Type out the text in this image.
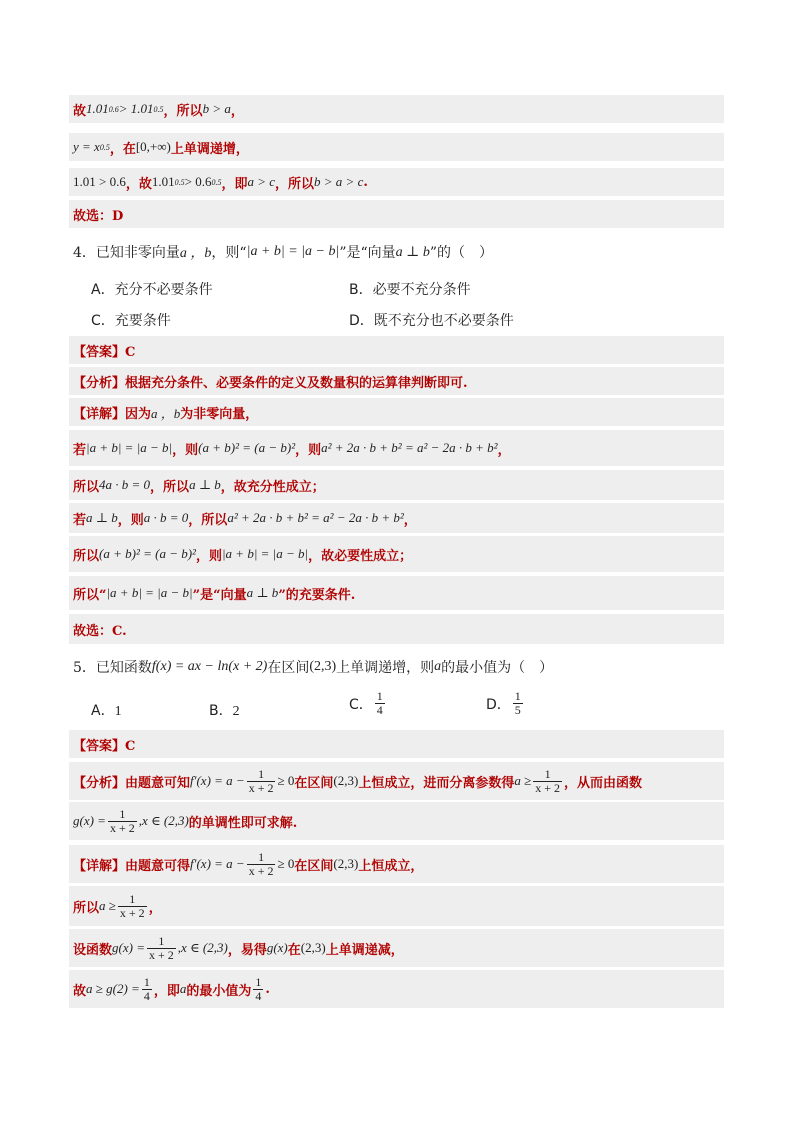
故 1.01 0.6 > 1.01 0.5 ，所以 b > a ，
y = x 0.5 ，在 [0,+∞) 上单调递增，
1.01 > 0.6 ，故 1.01 0.5 > 0.6 0.5 ，即 a > c ，所以 b > a > c .
故选：D
4．已知非零向量 a ，b ，则“ |a + b| = |a − b| ”是“向量 a ⊥ b ”的（　）
A．充分不必要条件	B．必要不充分条件
C．充要条件	D．既不充分也不必要条件
【答案】C
【分析】根据充分条件、必要条件的定义及数量积的运算律判断即可.
【详解】因为 a ，b 为非零向量，
若 |a + b| = |a − b| ，则 (a + b)² = (a − b)² ，则 a² + 2a · b + b² = a² − 2a · b + b² ，
所以 4a · b = 0 ，所以 a ⊥ b ，故充分性成立；
若 a ⊥ b ，则 a · b = 0 ，所以 a² + 2a · b + b² = a² − 2a · b + b² ，
所以 (a + b)² = (a − b)² ，则 |a + b| = |a − b| ，故必要性成立；
所以“ |a + b| = |a − b| ”是“向量 a ⊥ b ”的充要条件.
故选：C.
5．已知函数 f(x) = ax − ln(x + 2) 在区间 (2,3) 上单调递增，则 a 的最小值为（　）
A．1	B．2	C． $\frac{1}{4}$	D． $\frac{1}{5}$
【答案】C
【分析】由题意可知 $f'(x) = a - \frac{1}{x + 2} \ge 0$ 在区间 (2,3) 上恒成立，进而分离参数得 $a \ge \frac{1}{x + 2}$ ，从而由函数
$g(x) = \frac{1}{x + 2} ,x$ ∈ (2,3) 的单调性即可求解.
【详解】由题意可得 $f'(x) = a - \frac{1}{x + 2} \ge 0$ 在区间 (2,3) 上恒成立，
所以 $a \ge \frac{1}{x + 2}$ ，
设函数 $g(x) = \frac{1}{x + 2} ,x$ ∈ (2,3) ，易得 g(x) 在 (2,3) 上单调递减，
故 $a \ge g(2) = \frac{1}{4}$ ，即 a 的最小值为 $\frac{1}{4}$ .
